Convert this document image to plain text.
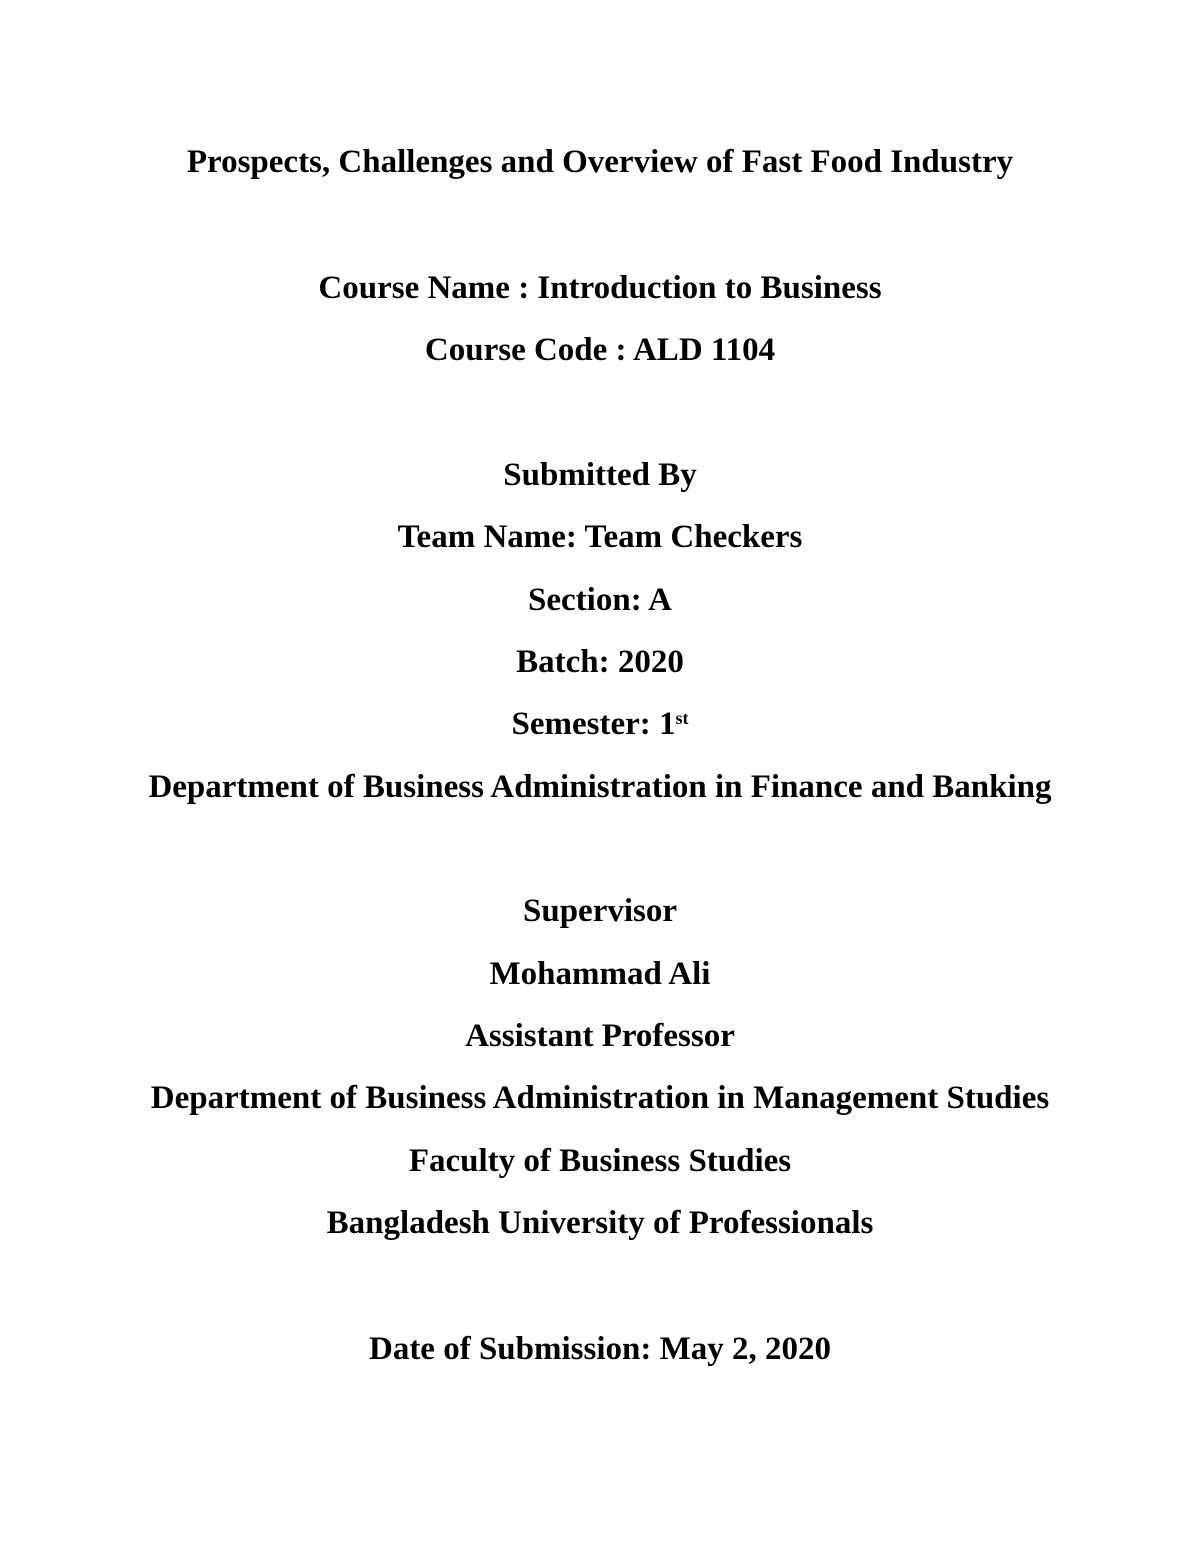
Prospects, Challenges and Overview of Fast Food Industry
Course Name : Introduction to Business
Course Code : ALD 1104
Submitted By
Team Name: Team Checkers
Section: A
Batch: 2020
Semester: 1st
Department of Business Administration in Finance and Banking
Supervisor
Mohammad Ali
Assistant Professor
Department of Business Administration in Management Studies
Faculty of Business Studies
Bangladesh University of Professionals
Date of Submission: May 2, 2020
